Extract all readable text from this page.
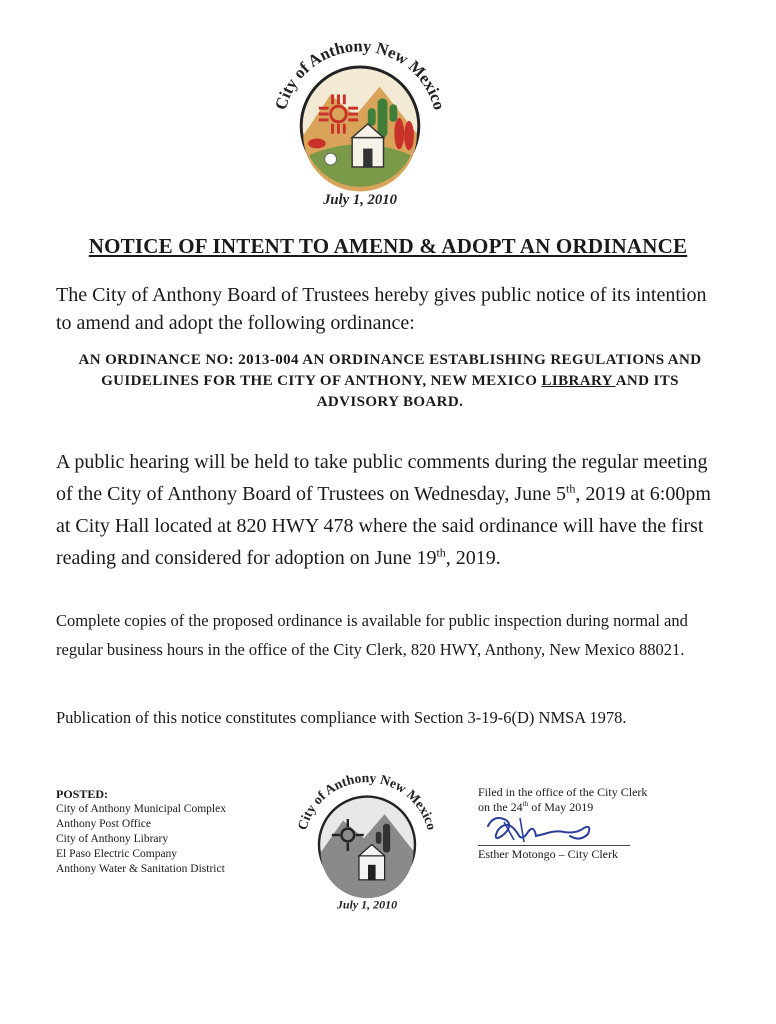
City of Anthony New Mexico
July 1, 2010
NOTICE OF INTENT TO AMEND & ADOPT AN ORDINANCE

The City of Anthony Board of Trustees hereby gives public notice of its intention to amend and adopt the following ordinance:

AN ORDINANCE NO: 2013-004 AN ORDINANCE ESTABLISHING REGULATIONS AND GUIDELINES FOR THE CITY OF ANTHONY, NEW MEXICO LIBRARY AND ITS ADVISORY BOARD.

A public hearing will be held to take public comments during the regular meeting of the City of Anthony Board of Trustees on Wednesday, June 5th, 2019 at 6:00pm at City Hall located at 820 HWY 478 where the said ordinance will have the first reading and considered for adoption on June 19th, 2019.

Complete copies of the proposed ordinance is available for public inspection during normal and regular business hours in the office of the City Clerk, 820 HWY, Anthony, New Mexico 88021.

Publication of this notice constitutes compliance with Section 3-19-6(D) NMSA 1978.

POSTED:
City of Anthony Municipal Complex
Anthony Post Office
City of Anthony Library
El Paso Electric Company
Anthony Water & Sanitation District
City of Anthony New Mexico
July 1, 2010
Filed in the office of the City Clerk
on the 24th of May 2019
Esther Motongo – City Clerk
